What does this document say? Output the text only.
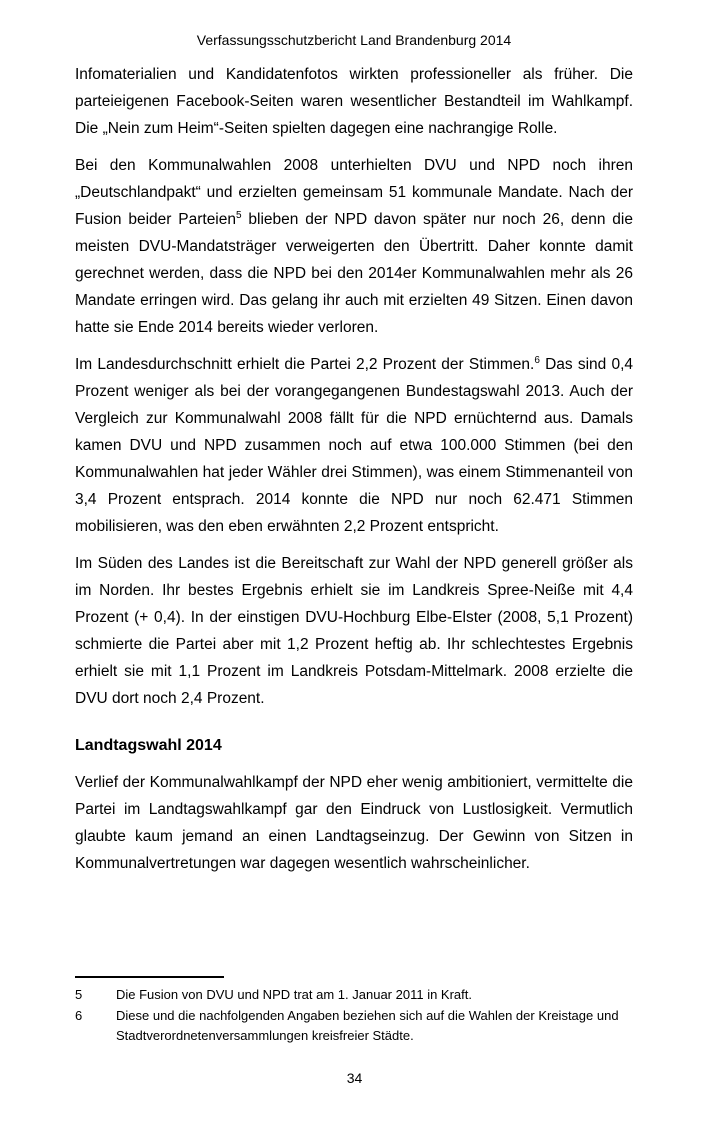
Verfassungsschutzbericht Land Brandenburg 2014

Infomaterialien und Kandidatenfotos wirkten professioneller als früher. Die parteieigenen Facebook-Seiten waren wesentlicher Bestandteil im Wahlkampf. Die „Nein zum Heim“-Seiten spielten dagegen eine nachrangige Rolle.

Bei den Kommunalwahlen 2008 unterhielten DVU und NPD noch ihren „Deutschlandpakt“ und erzielten gemeinsam 51 kommunale Mandate. Nach der Fusion beider Parteien$^5$ blieben der NPD davon später nur noch 26, denn die meisten DVU-Mandatsträger verweigerten den Übertritt. Daher konnte damit gerechnet werden, dass die NPD bei den 2014er Kommunalwahlen mehr als 26 Mandate erringen wird. Das gelang ihr auch mit erzielten 49 Sitzen. Einen davon hatte sie Ende 2014 bereits wieder verloren.

Im Landesdurchschnitt erhielt die Partei 2,2 Prozent der Stimmen.$^6$ Das sind 0,4 Prozent weniger als bei der vorangegangenen Bundestagswahl 2013. Auch der Vergleich zur Kommunalwahl 2008 fällt für die NPD ernüchternd aus. Damals kamen DVU und NPD zusammen noch auf etwa 100.000 Stimmen (bei den Kommunalwahlen hat jeder Wähler drei Stimmen), was einem Stimmenanteil von 3,4 Prozent entsprach. 2014 konnte die NPD nur noch 62.471 Stimmen mobilisieren, was den eben erwähnten 2,2 Prozent entspricht.

Im Süden des Landes ist die Bereitschaft zur Wahl der NPD generell größer als im Norden. Ihr bestes Ergebnis erhielt sie im Landkreis Spree-Neiße mit 4,4 Prozent (+ 0,4). In der einstigen DVU-Hochburg Elbe-Elster (2008, 5,1 Prozent) schmierte die Partei aber mit 1,2 Prozent heftig ab. Ihr schlechtestes Ergebnis erhielt sie mit 1,1 Prozent im Landkreis Potsdam-Mittelmark. 2008 erzielte die DVU dort noch 2,4 Prozent.

Landtagswahl 2014

Verlief der Kommunalwahlkampf der NPD eher wenig ambitioniert, vermittelte die Partei im Landtagswahlkampf gar den Eindruck von Lustlosigkeit. Vermutlich glaubte kaum jemand an einen Landtagseinzug. Der Gewinn von Sitzen in Kommunalvertretungen war dagegen wesentlich wahrscheinlicher.

5	Die Fusion von DVU und NPD trat am 1. Januar 2011 in Kraft.
6	Diese und die nachfolgenden Angaben beziehen sich auf die Wahlen der Kreistage und Stadtverordnetenversammlungen kreisfreier Städte.
34
